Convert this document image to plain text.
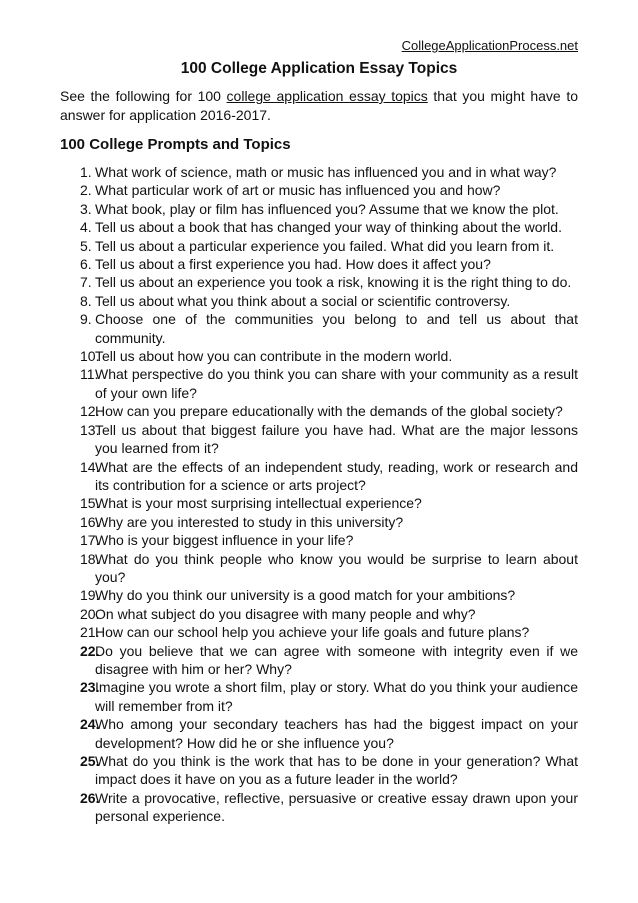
CollegeApplicationProcess.net
100 College Application Essay Topics

See the following for 100 college application essay topics that you might have to answer for application 2016-2017.

100 College Prompts and Topics
1. What work of science, math or music has influenced you and in what way?
2. What particular work of art or music has influenced you and how?
3. What book, play or film has influenced you? Assume that we know the plot.
4. Tell us about a book that has changed your way of thinking about the world.
5. Tell us about a particular experience you failed. What did you learn from it.
6. Tell us about a first experience you had. How does it affect you?
7. Tell us about an experience you took a risk, knowing it is the right thing to do.
8. Tell us about what you think about a social or scientific controversy.
9. Choose one of the communities you belong to and tell us about that community.
10.
Tell us about how you can contribute in the modern world.
11.
What perspective do you think you can share with your community as a result of your own life?
12.
How can you prepare educationally with the demands of the global society?
13.
Tell us about that biggest failure you have had. What are the major lessons you learned from it?
14.
What are the effects of an independent study, reading, work or research and its contribution for a science or arts project?
15.
What is your most surprising intellectual experience?
16.
Why are you interested to study in this university?
17.
Who is your biggest influence in your life?
18.
What do you think people who know you would be surprise to learn about you?
19.
Why do you think our university is a good match for your ambitions?
20.
On what subject do you disagree with many people and why?
21.
How can our school help you achieve your life goals and future plans?
22.
Do you believe that we can agree with someone with integrity even if we disagree with him or her? Why?
23.
Imagine you wrote a short film, play or story. What do you think your audience will remember from it?
24.
Who among your secondary teachers has had the biggest impact on your development? How did he or she influence you?
25.
What do you think is the work that has to be done in your generation? What impact does it have on you as a future leader in the world?
26.
Write a provocative, reflective, persuasive or creative essay drawn upon your personal experience.
